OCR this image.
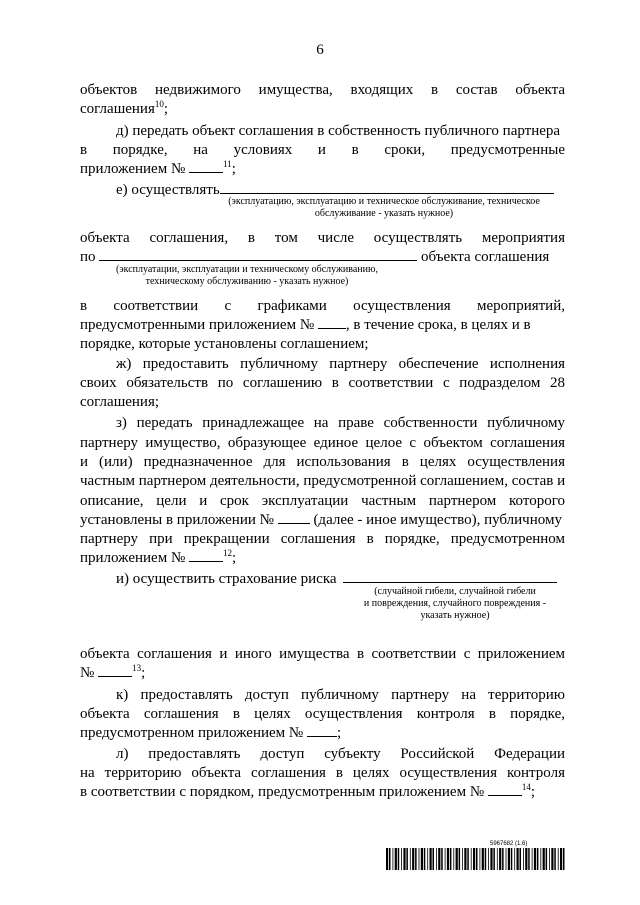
6
объектов недвижимого имущества, входящих в состав объекта
соглашения$^{10}$;
д) передать объект соглашения в собственность публичного партнера
в порядке, на условиях и в сроки, предусмотренные
приложением №	$^{11}$;
е) осуществлять
(эксплуатацию, эксплуатацию и техническое обслуживание, техническое
обслуживание - указать нужное)
объекта соглашения, в том числе осуществлять мероприятия
по	объекта соглашения
(эксплуатации, эксплуатации и техническому обслуживанию,
техническому обслуживанию - указать нужное)
в соответствии с графиками осуществления мероприятий,
предусмотренными приложением № , в течение срока, в целях и в
порядке, которые установлены соглашением;
ж) предоставить публичному партнеру обеспечение исполнения
своих обязательств по соглашению в соответствии с подразделом 28
соглашения;
з) передать принадлежащее на праве собственности публичному
партнеру имущество, образующее единое целое с объектом соглашения
и (или) предназначенное для использования в целях осуществления
частным партнером деятельности, предусмотренной соглашением, состав и
описание, цели и срок эксплуатации частным партнером которого
установлены в приложении №  (далее - иное имущество), публичному
партнеру при прекращении соглашения в порядке, предусмотренном
приложением №	$^{12}$;
и) осуществить страхование риска
(случайной гибели, случайной гибели
и повреждения, случайного повреждения -
указать нужное)
объекта соглашения и иного имущества в соответствии с приложением
№	$^{13}$;
к) предоставлять доступ публичному партнеру на территорию
объекта соглашения в целях осуществления контроля в порядке,
предусмотренном приложением № ;
л) предоставлять доступ субъекту Российской Федерации
на территорию объекта соглашения в целях осуществления контроля
в соответствии с порядком, предусмотренным приложением №	$^{14}$;
5967682 (1.6)
